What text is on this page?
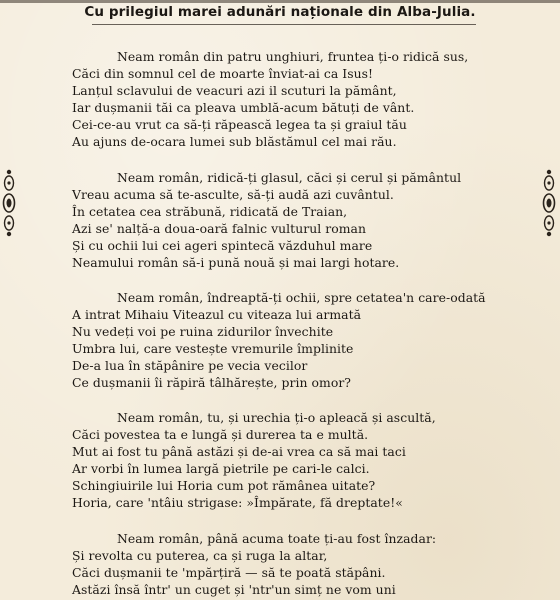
Cu prilegiul marei adunări naționale din Alba-Julia.
Neam român din patru unghiuri, fruntea ți-o ridică sus,
Căci din somnul cel de moarte înviat-ai ca Isus!
Lanțul sclavului de veacuri azi il scuturi la pământ,
Iar dușmanii tăi ca pleava umblă-acum bătuți de vânt.
Cei-ce-au vrut ca să-ți răpească legea ta și graiul tău
Au ajuns de-ocara lumei sub blăstămul cel mai rău.
Neam român, ridică-ți glasul, căci și cerul și pământul
Vreau acuma să te-asculte, să-ți audă azi cuvântul.
În cetatea cea străbună, ridicată de Traian,
Azi se' nalță-a doua-oară falnic vulturul roman
Și cu ochii lui cei ageri spintecă văzduhul mare
Neamului român să-i pună nouă și mai largi hotare.
Neam român, îndreaptă-ți ochii, spre cetatea'n care-odată
A intrat Mihaiu Viteazul cu viteaza lui armată
Nu vedeți voi pe ruina zidurilor învechite
Umbra lui, care vestește vremurile împlinite
De-a lua în stăpânire pe vecia vecilor
Ce dușmanii îi răpiră tâlhărește, prin omor?
Neam român, tu, și urechia ți-o apleacă și ascultă,
Căci povestea ta e lungă și durerea ta e multă.
Mut ai fost tu până astăzi și de-ai vrea ca să mai taci
Ar vorbi în lumea largă pietrile pe cari-le calci.
Schingiuirile lui Horia cum pot rămânea uitate?
Horia, care 'ntâiu strigase: »Împărate, fă dreptate!«
Neam român, până acuma toate ți-au fost înzadar:
Și revolta cu puterea, ca și ruga la altar,
Căci dușmanii te 'mpărțiră — să te poată stăpâni.
Astăzi însă într' un cuget și 'ntr'un simț ne vom uni
